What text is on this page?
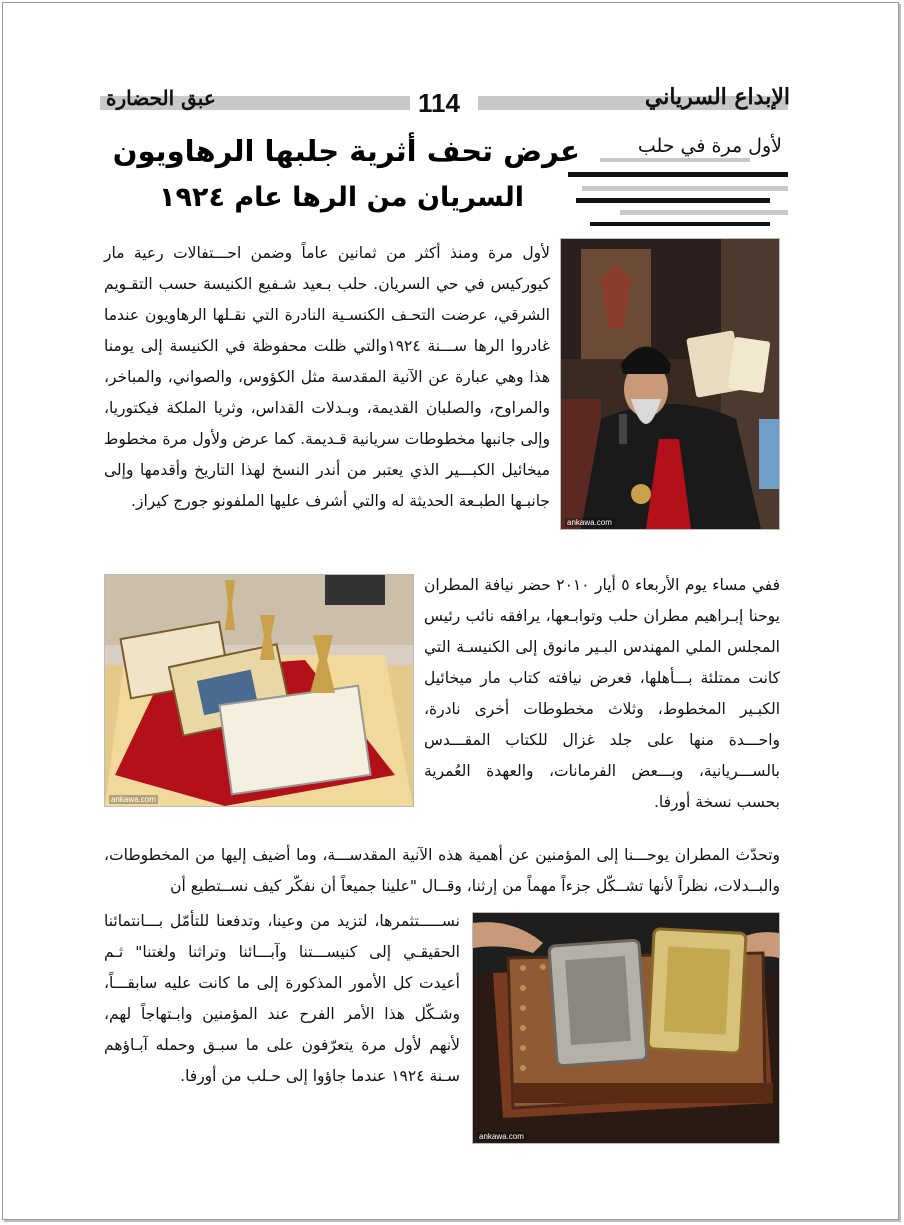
عبق الحضارة	114	الإبداع السرياني
لأول مرة في حلب
عرض تحف أثرية جلبها الرهاويون
السريان من الرها عام ١٩٢٤
ankawa.com
لأول مرة ومنذ أكثر من ثمانين عاماً وضمن احـــتفالات رعية مار كيوركيس في حي السريان. حلب بـعيد شـفيع الكنيسة حسب التقـويم الشرقي، عرضت التحـف الكنسـية النادرة التي نقـلها الرهاويون عندما غادروا الرها ســـنة ١٩٢٤والتي ظلت محفوظة في الكنيسة إلى يومنا هذا وهي عبارة عن الآنية المقدسة مثل الكؤوس، والصواني، والمباخر، والمراوح، والصلبان القديمة، وبـدلات القداس، وثريا الملكة فيكتوريا، وإلى جانبها مخطوطات سريانية قـديمة. كما عرض ولأول مرة مخطوط ميخائيل الكبـــير الذي يعتبر من أندر النسخ لهذا التاريخ وأقدمها وإلى جانبـها الطبـعة الحديثة له والتي أشرف عليها الملفونو جورج كيراز.
ankawa.com
ففي مساء يوم الأربعاء ٥ أيار ٢٠١٠ حضر نيافة المطران يوحنا إبـراهيم مطران حلب وتوابـعها، يرافقه نائب رئيس المجلس الملي المهندس البـير مانوق إلى الكنيسـة التي كانت ممتلئة بـــأهلها، فعرض نيافته كتاب مار ميخائيل الكبـير المخطوط، وثلاث مخطوطات أخرى نادرة، واحـــدة منها على جلد غزال للكتاب المقـــدس بالســـريانية، وبـــعض الفرمانات، والعهدة العُمرية بحسب نسخة أورفا.
وتحدّث المطران يوحـــنا إلى المؤمنين عن أهمية هذه الآنية المقدســـة، وما أضيف إليها من المخطوطات، والبــدلات، نظراً لأنها تشــكّل جزءاً مهماً من إرثنا، وقــال "علينا جميعاً أن نفكّر كيف نســتطيع أن
ankawa.com
نســـــتثمرها، لتزيد من وعينا، وتدفعنا للتأمّل بـــانتمائنا الحقيقـي إلى كنيســـتنا وآبـــائنا وتراثنا ولغتنا" ثـم أعيدت كل الأمور المذكورة إلى ما كانت عليه سابقـــاً، وشـكّل هذا الأمر الفرح عند المؤمنين وابـتهاجاً لهم، لأنهم لأول مرة يتعرّفون على ما سبـق وحمله آبـاؤهم سـنة ١٩٢٤ عندما جاؤوا إلى حـلب من أورفا.
